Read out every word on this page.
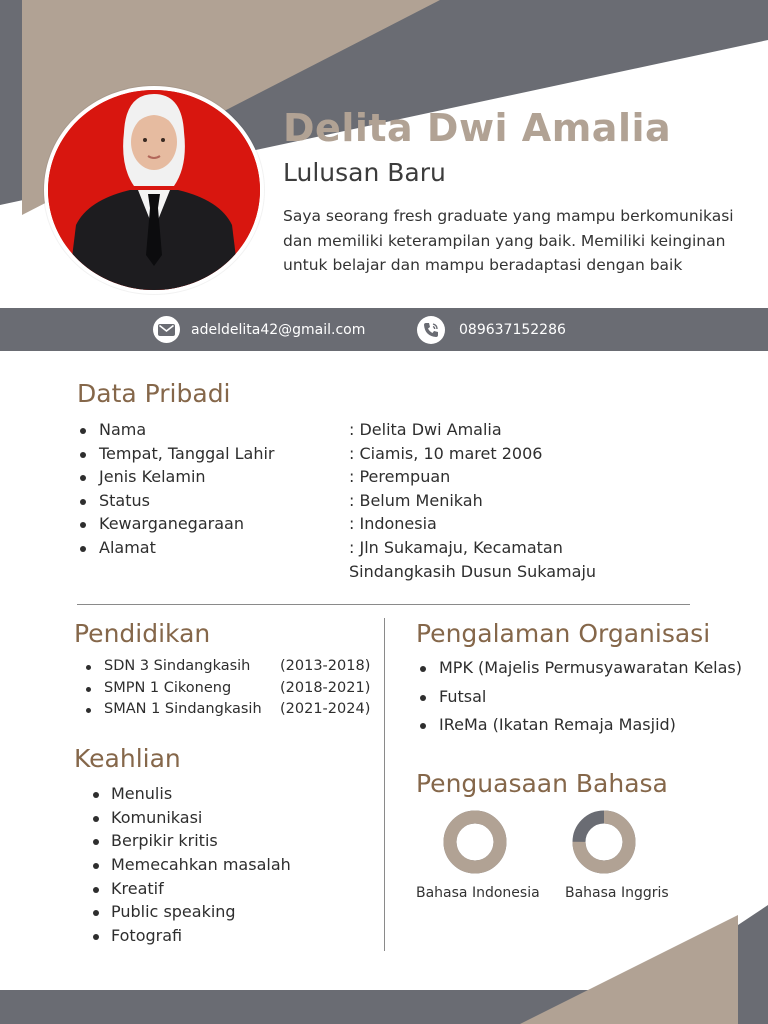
Delita Dwi Amalia
Lulusan Baru
Saya seorang fresh graduate yang mampu berkomunikasi dan memiliki keterampilan yang baik. Memiliki keinginan untuk belajar dan mampu beradaptasi dengan baik
adeldelita42@gmail.com	089637152286
Data Pribadi
Nama	: Delita Dwi Amalia
Tempat, Tanggal Lahir	: Ciamis, 10 maret 2006
Jenis Kelamin	: Perempuan
Status	: Belum Menikah
Kewarganegaraan	: Indonesia
Alamat	: Jln Sukamaju, Kecamatan
Sindangkasih Dusun Sukamaju
Pendidikan
SDN 3 Sindangkasih (2013-2018)
SMPN 1 Cikoneng	(2018-2021)
SMAN 1 Sindangkasih (2021-2024)
Keahlian
Menulis
Komunikasi
Berpikir kritis
Memecahkan masalah
Kreatif
Public speaking
Fotografi
Pengalaman Organisasi
MPK (Majelis Permusyawaratan Kelas)
Futsal
IReMa (Ikatan Remaja Masjid)
Penguasaan Bahasa
Bahasa Indonesia Bahasa Inggris
